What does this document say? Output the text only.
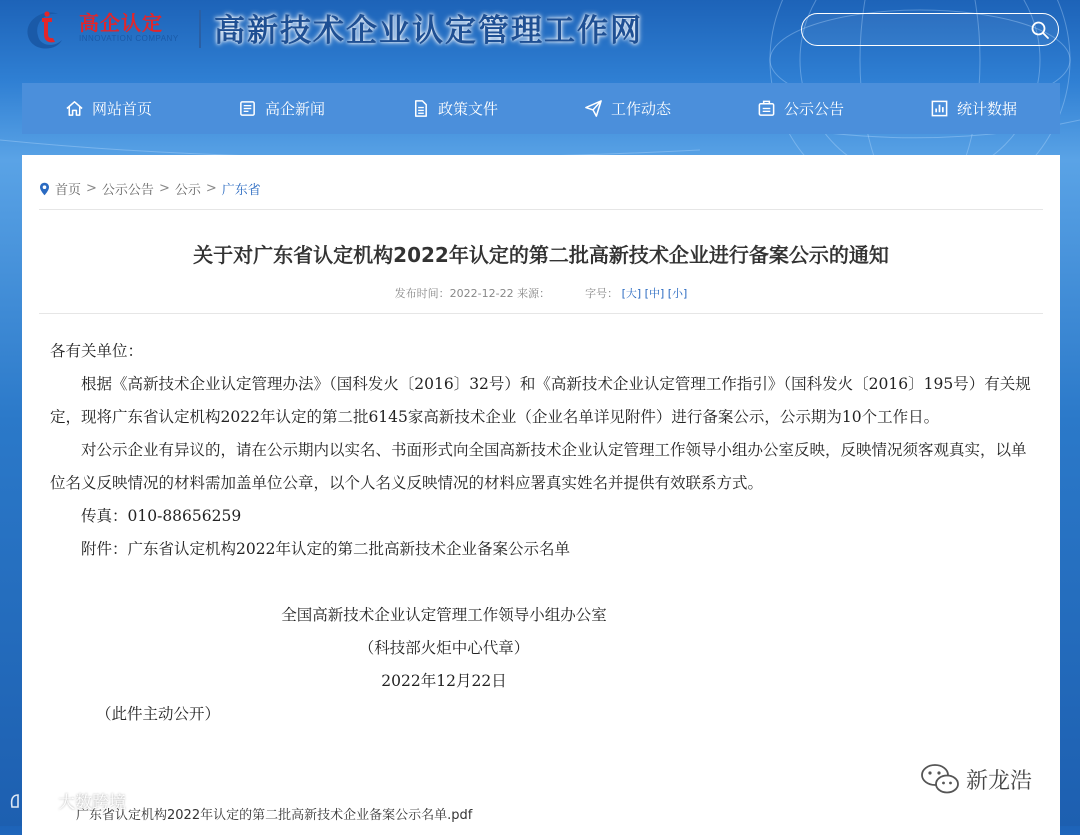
高企认定
INNOVATION COMPANY 高新技术企业认定管理工作网
网站首页	高企新闻	政策文件	工作动态	公示公告	统计数据
首页 > 公示公告 > 公示 > 广东省
关于对广东省认定机构2022年认定的第二批高新技术企业进行备案公示的通知
发布时间：2022-12-22 来源：	字号： [大] [中] [小]

各有关单位：

根据《高新技术企业认定管理办法》（国科发火〔2016〕32号）和《高新技术企业认定管理工作指引》（国科发火〔2016〕195号）有关规定，现将广东省认定机构2022年认定的第二批6145家高新技术企业（企业名单详见附件）进行备案公示，公示期为10个工作日。

对公示企业有异议的，请在公示期内以实名、书面形式向全国高新技术企业认定管理工作领导小组办公室反映，反映情况须客观真实，以单位名义反映情况的材料需加盖单位公章，以个人名义反映情况的材料应署真实姓名并提供有效联系方式。

传真：010-88656259

附件：广东省认定机构2022年认定的第二批高新技术企业备案公示名单

全国高新技术企业认定管理工作领导小组办公室

（科技部火炬中心代章）

2022年12月22日

（此件主动公开）

广东省认定机构2022年认定的第二批高新技术企业备案公示名单.pdf
大数跨境
新龙浩
